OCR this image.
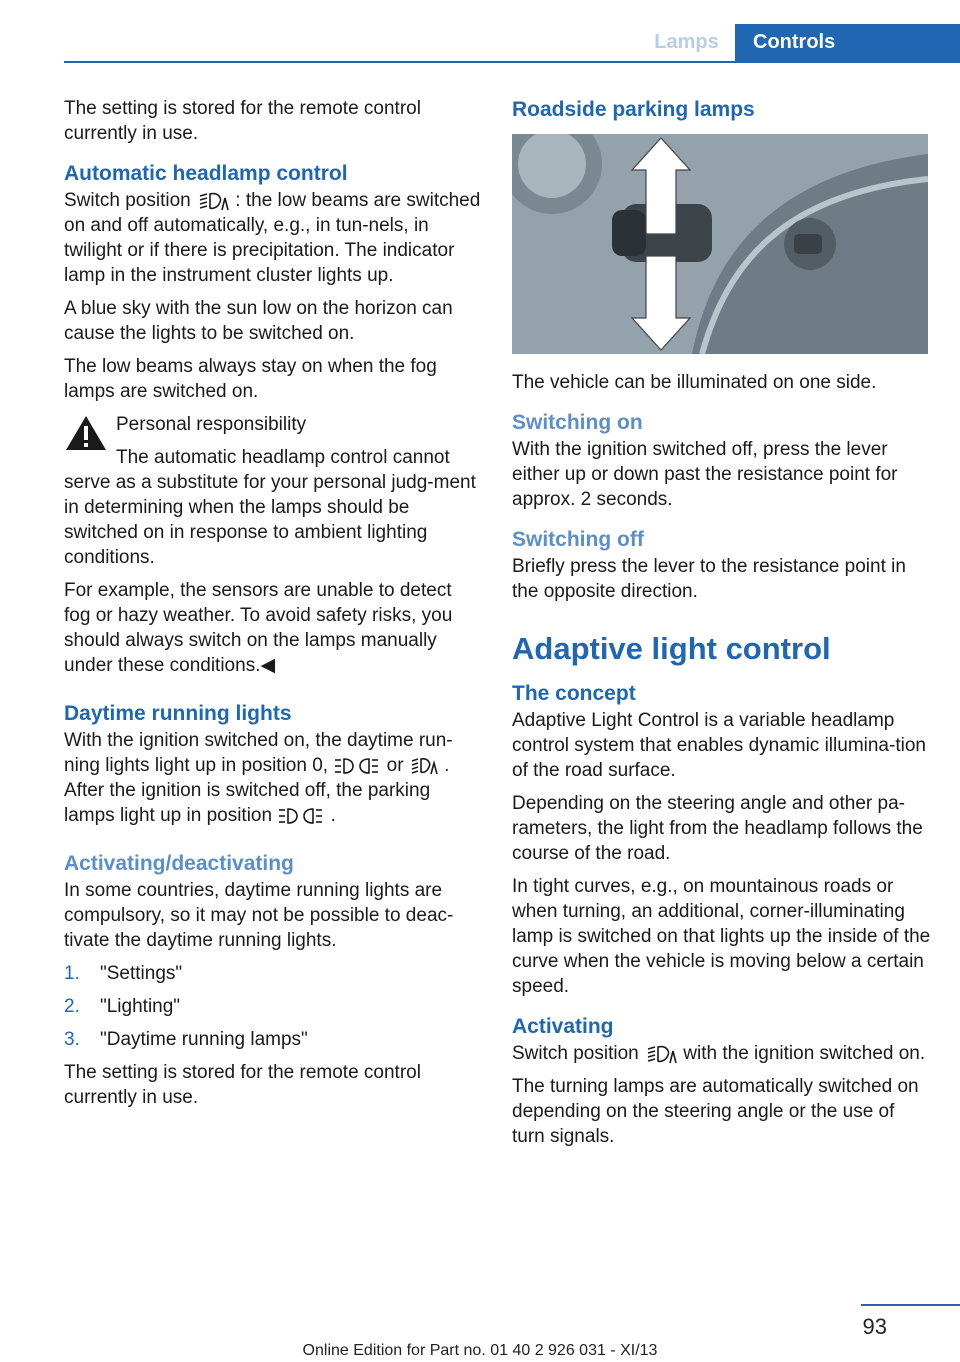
Lamps	Controls

The setting is stored for the remote control currently in use.

Automatic headlamp control

Switch position : the low beams are switched on and off automatically, e.g., in tun-nels, in twilight or if there is precipitation. The indicator lamp in the instrument cluster lights up.

A blue sky with the sun low on the horizon can cause the lights to be switched on.

The low beams always stay on when the fog lamps are switched on.

Personal responsibility

The automatic headlamp control cannot serve as a substitute for your personal judg-ment in determining when the lamps should be switched on in response to ambient lighting conditions.

For example, the sensors are unable to detect fog or hazy weather. To avoid safety risks, you should always switch on the lamps manually under these conditions.◀

Daytime running lights

With the ignition switched on, the daytime run-ning lights light up in position 0,	or . After the ignition is switched off, the parking lamps light up in position	.

Activating/deactivating

In some countries, daytime running lights are compulsory, so it may not be possible to deac-tivate the daytime running lights.

1.	"Settings"
2.	"Lighting"
3.	"Daytime running lamps"

The setting is stored for the remote control currently in use.

Roadside parking lamps

The vehicle can be illuminated on one side.

Switching on

With the ignition switched off, press the lever either up or down past the resistance point for approx. 2 seconds.

Switching off

Briefly press the lever to the resistance point in the opposite direction.

Adaptive light control
The concept

Adaptive Light Control is a variable headlamp control system that enables dynamic illumina-tion of the road surface.

Depending on the steering angle and other pa-rameters, the light from the headlamp follows the course of the road.

In tight curves, e.g., on mountainous roads or when turning, an additional, corner-illuminating lamp is switched on that lights up the inside of the curve when the vehicle is moving below a certain speed.

Activating

Switch position with the ignition switched on.

The turning lamps are automatically switched on depending on the steering angle or the use of turn signals.

93
Online Edition for Part no. 01 40 2 926 031 - XI/13
